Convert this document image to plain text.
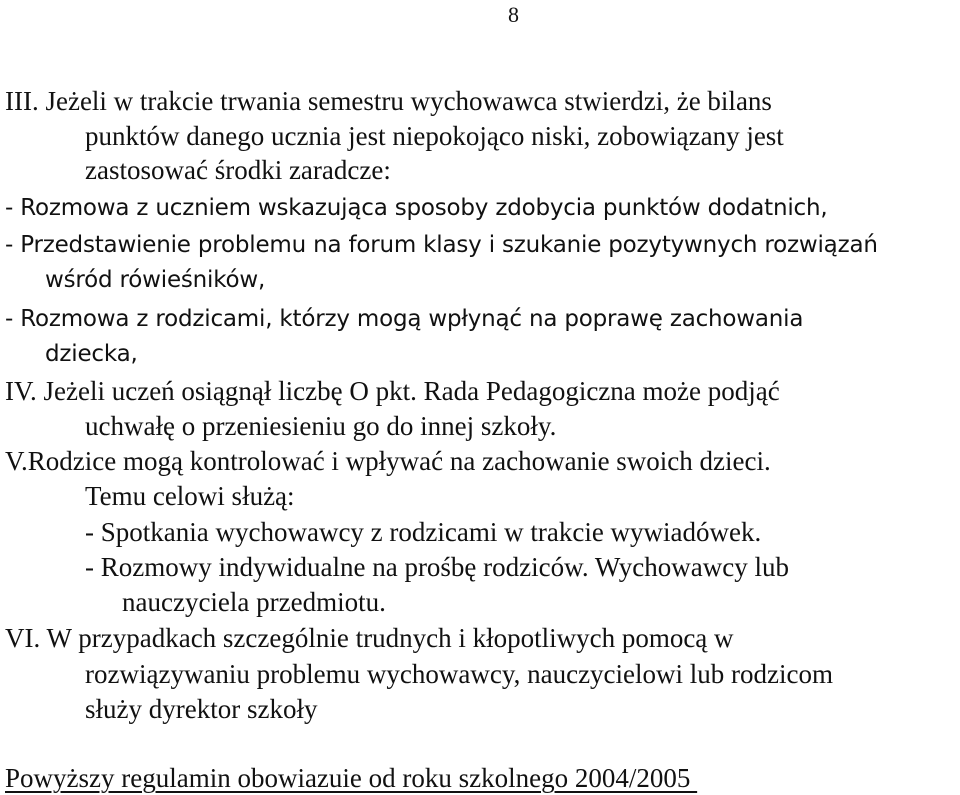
8
III. Jeżeli w trakcie trwania semestru wychowawca stwierdzi, że bilans
punktów danego ucznia jest niepokojąco niski, zobowiązany jest
zastosować środki zaradcze:
- Rozmowa z uczniem wskazująca sposoby zdobycia punktów dodatnich,
- Przedstawienie problemu na forum klasy i szukanie pozytywnych rozwiązań
wśród rówieśników,
- Rozmowa z rodzicami, którzy mogą wpłynąć na poprawę zachowania
dziecka,
IV. Jeżeli uczeń osiągnął liczbę O pkt. Rada Pedagogiczna może podjąć
uchwałę o przeniesieniu go do innej szkoły.
V.Rodzice mogą kontrolować i wpływać na zachowanie swoich dzieci.
Temu celowi służą:
- Spotkania wychowawcy z rodzicami w trakcie wywiadówek.
- Rozmowy indywidualne na prośbę rodziców. Wychowawcy lub
nauczyciela przedmiotu.
VI. W przypadkach szczególnie trudnych i kłopotliwych pomocą w
rozwiązywaniu problemu wychowawcy, nauczycielowi lub rodzicom
służy dyrektor szkoły
Powyższy regulamin obowiazuie od roku szkolnego 2004/2005
